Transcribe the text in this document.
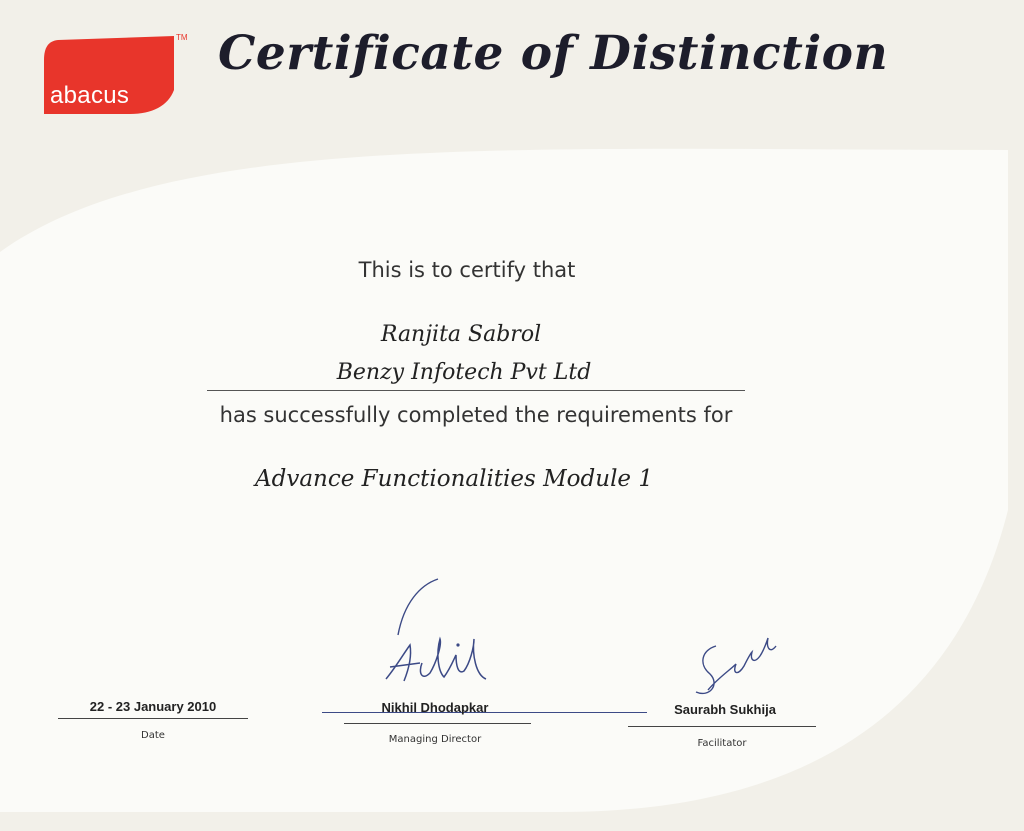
abacus
TM Certificate of Distinction
This is to certify that
Ranjita Sabrol
Benzy Infotech Pvt Ltd
has successfully completed the requirements for
Advance Functionalities Module 1
22 - 23 January 2010
Date
Nikhil Dhodapkar
Managing Director
Saurabh Sukhija
Facilitator
